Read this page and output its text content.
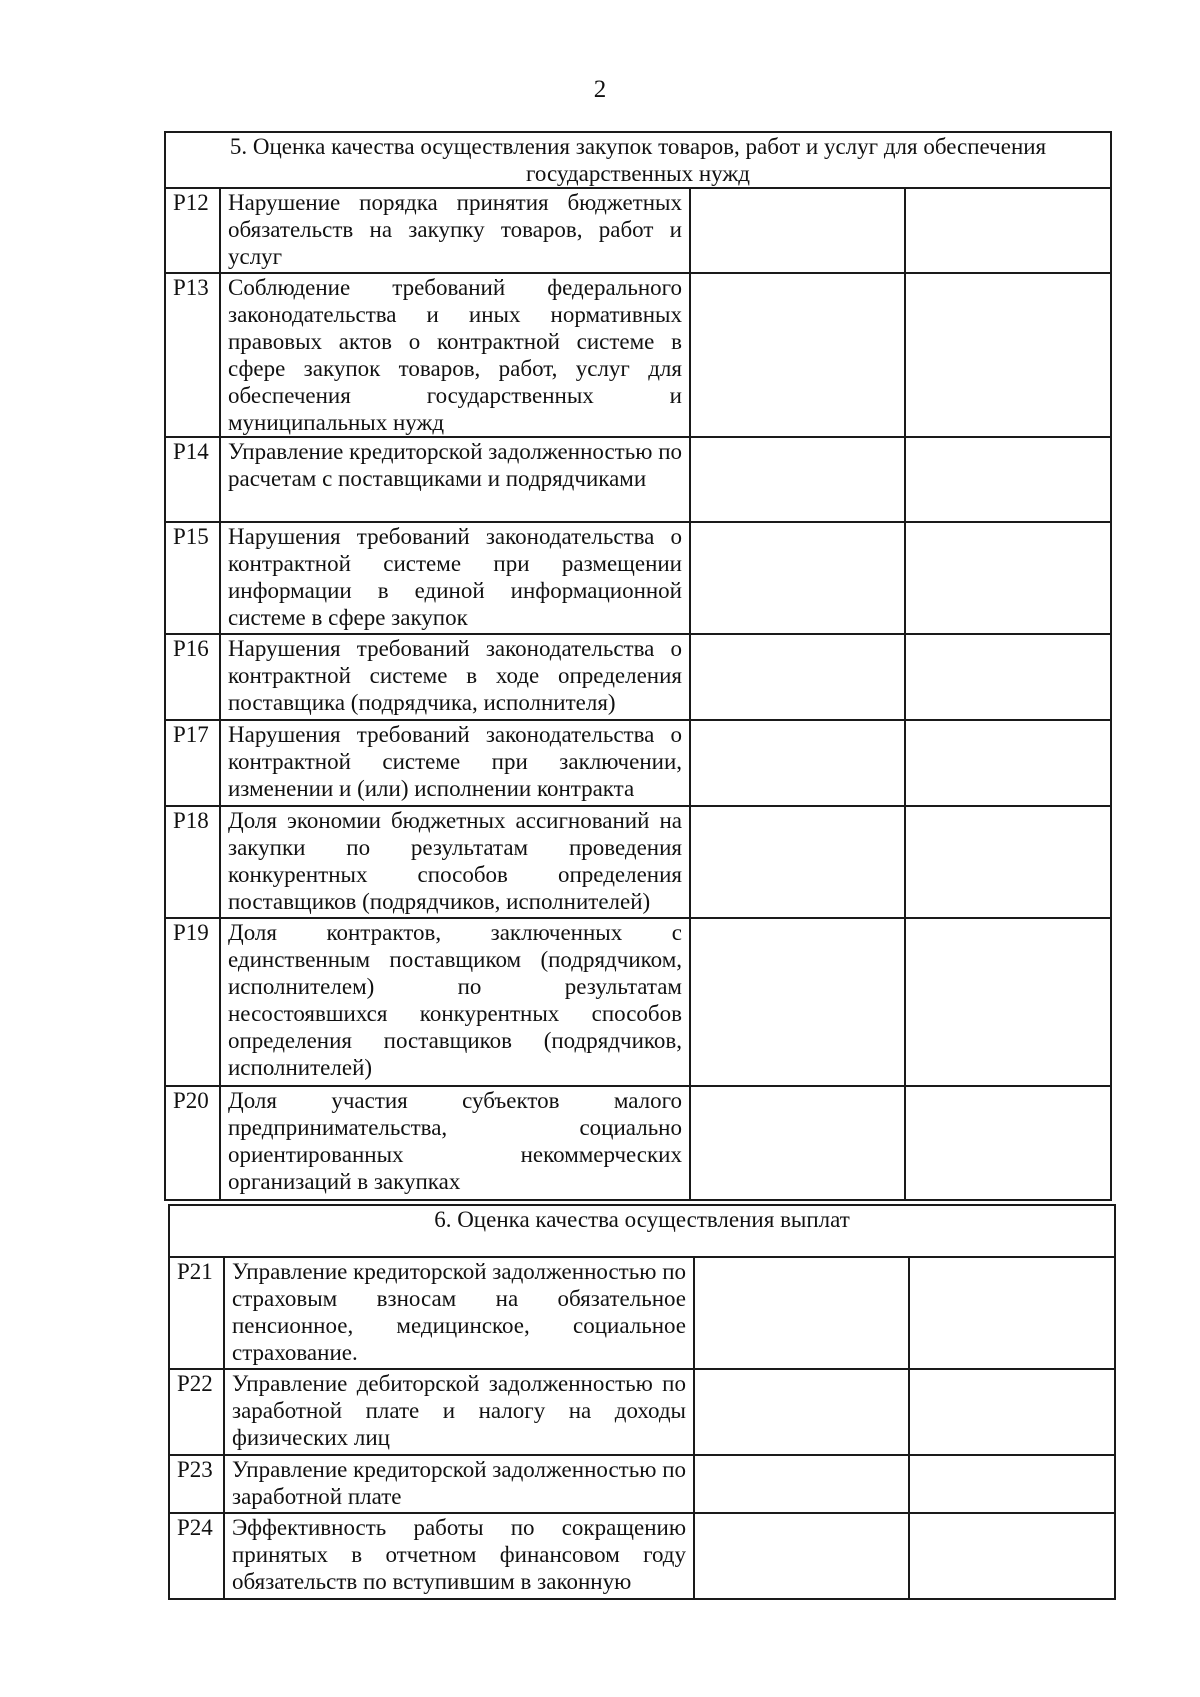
2
5. Оценка качества осуществления закупок товаров, работ и услуг для обеспечения государственных нужд			
Р12	Нарушение порядка принятия бюджетных обязательств на закупку товаров, работ и услуг		
Р13	Соблюдение требований федерального законодательства и иных нормативных правовых актов о контрактной системе в сфере закупок товаров, работ, услуг для обеспечения государственных и муниципальных нужд		
Р14	Управление кредиторской задолженностью по расчетам с поставщиками и подрядчиками		
Р15	Нарушения требований законодательства о контрактной системе при размещении информации в единой информационной системе в сфере закупок		
Р16	Нарушения требований законодательства о контрактной системе в ходе определения поставщика (подрядчика, исполнителя)		
Р17	Нарушения требований законодательства о контрактной системе при заключении, изменении и (или) исполнении контракта		
Р18	Доля экономии бюджетных ассигнований на закупки по результатам проведения конкурентных способов определения поставщиков (подрядчиков, исполнителей)		
Р19	Доля контрактов, заключенных с единственным поставщиком (подрядчиком, исполнителем) по результатам несостоявшихся конкурентных способов определения поставщиков (подрядчиков, исполнителей)		
Р20	Доля участия субъектов малого предпринимательства, социально ориентированных некоммерческих организаций в закупках		
6. Оценка качества осуществления выплат			
Р21	Управление кредиторской задолженностью по страховым взносам на обязательное пенсионное, медицинское, социальное страхование.		
Р22	Управление дебиторской задолженностью по заработной плате и налогу на доходы физических лиц		
Р23	Управление кредиторской задолженностью по заработной плате		
Р24	Эффективность работы по сокращению принятых в отчетном финансовом году обязательств по вступившим в законную		
